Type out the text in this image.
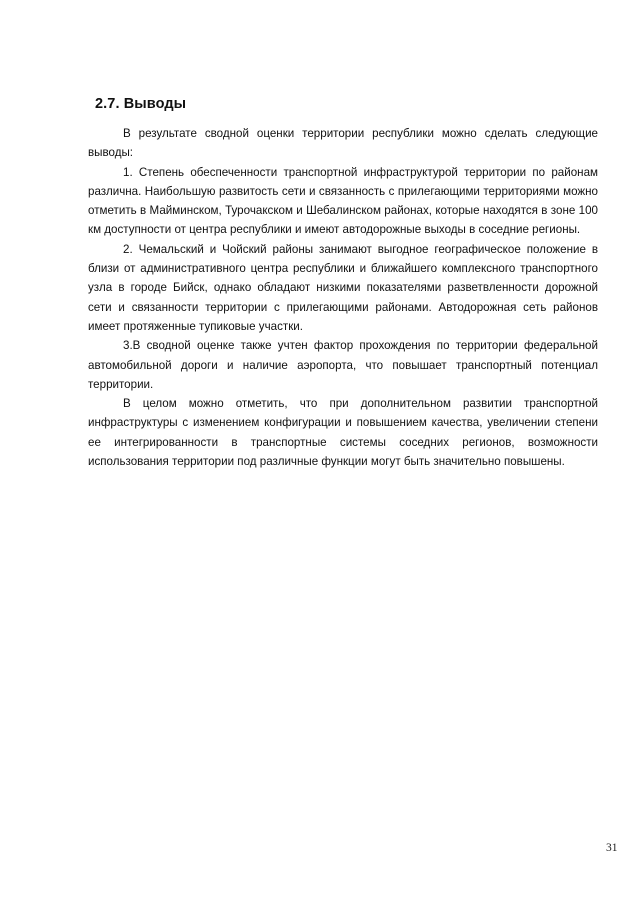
2.7. Выводы

В результате сводной оценки территории республики можно сделать следующие выводы:

1. Степень обеспеченности транспортной инфраструктурой территории по районам различна. Наибольшую развитость сети и связанность с прилегающими территориями можно отметить в Майминском, Турочакском и Шебалинском районах, которые находятся в зоне 100 км доступности от центра республики и имеют автодорожные выходы в соседние регионы.

2. Чемальский и Чойский районы занимают выгодное географическое положение в близи от административного центра республики и ближайшего комплексного транспортного узла в городе Бийск, однако обладают низкими показателями разветвленности дорожной сети и связанности территории с прилегающими районами. Автодорожная сеть районов имеет протяженные тупиковые участки.

3.В сводной оценке также учтен фактор прохождения по территории федеральной автомобильной дороги и наличие аэропорта, что повышает транспортный потенциал территории.

В целом можно отметить, что при дополнительном развитии транспортной инфраструктуры с изменением конфигурации и повышением качества, увеличении степени ее интегрированности в транспортные системы соседних регионов, возможности использования территории под различные функции могут быть значительно повышены.

31
